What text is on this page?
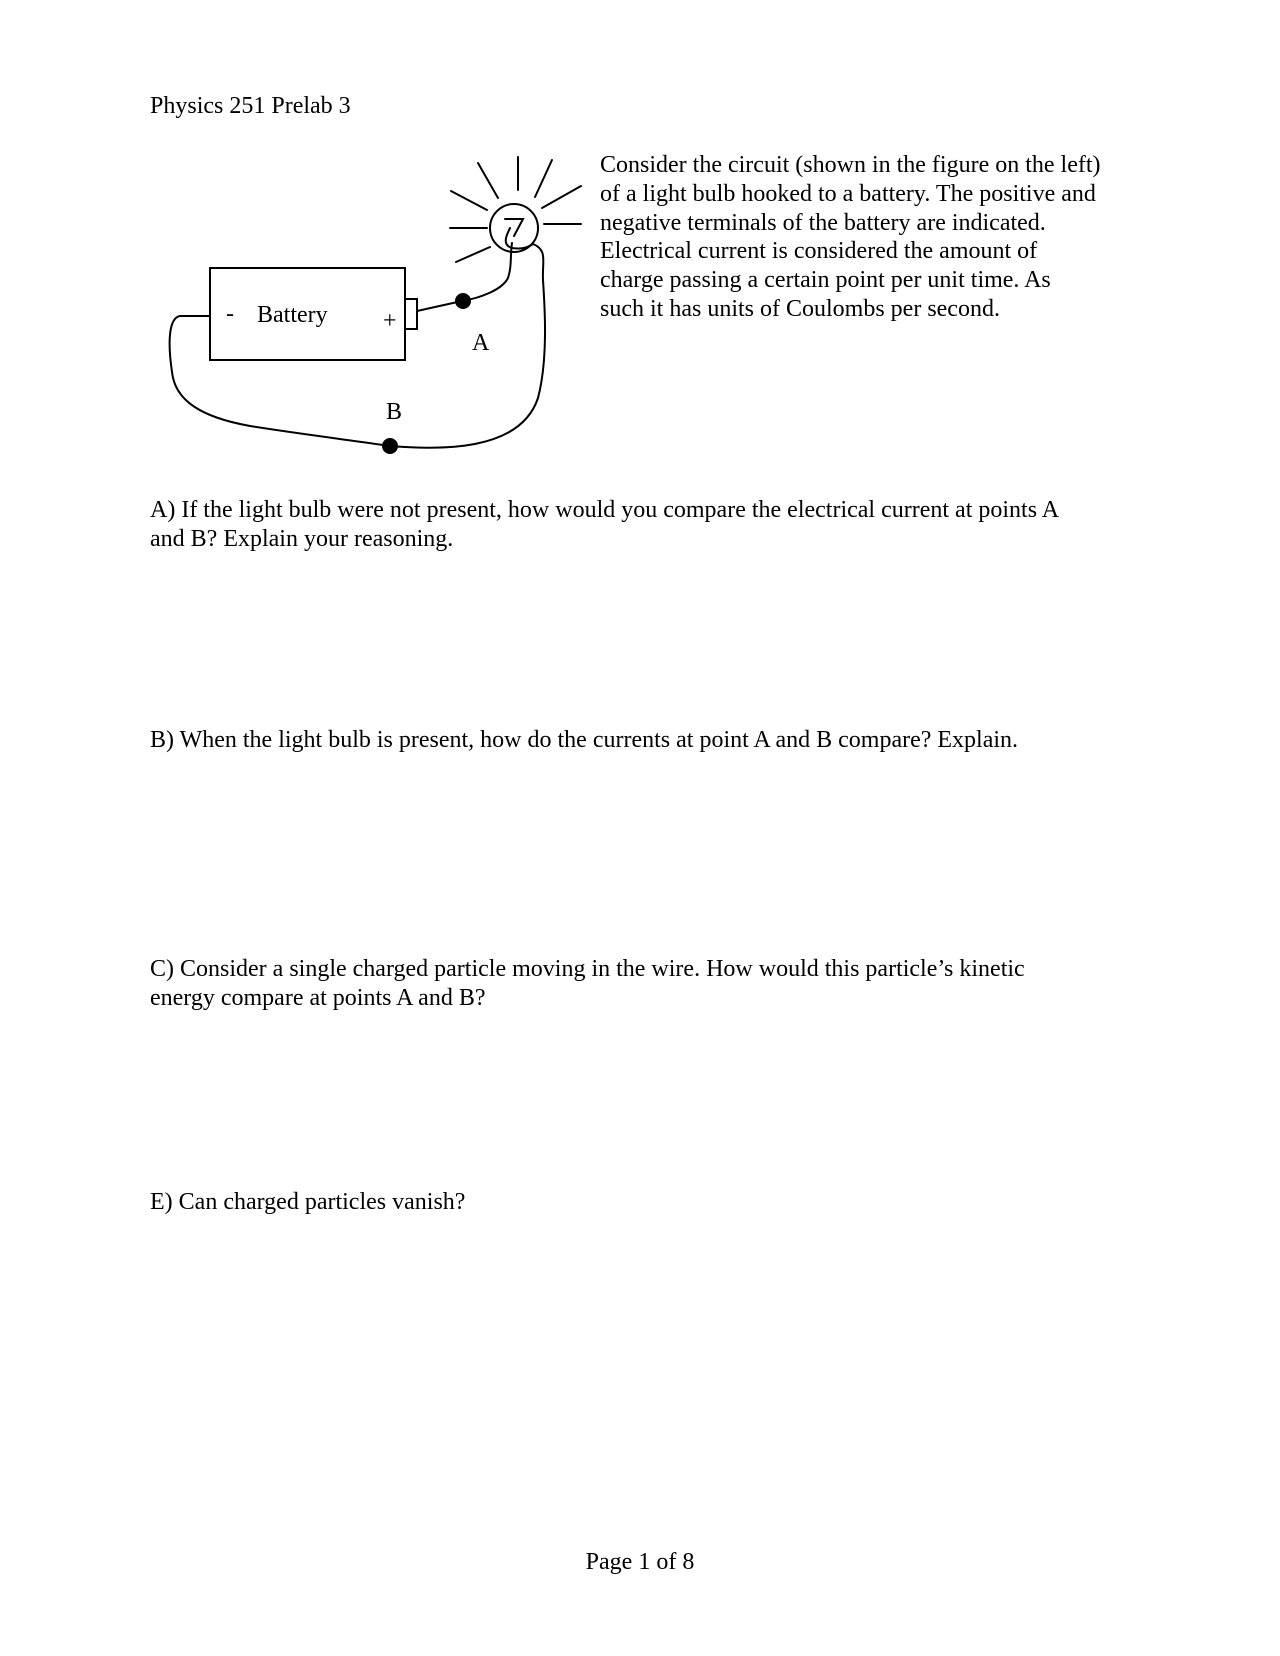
Physics 251 Prelab 3
Battery
-	+
A
B
Consider the circuit (shown in the figure on the left)
of a light bulb hooked to a battery. The positive and
negative terminals of the battery are indicated.
Electrical current is considered the amount of
charge passing a certain point per unit time. As
such it has units of Coulombs per second.
A) If the light bulb were not present, how would you compare the electrical current at points A
and B? Explain your reasoning.
B) When the light bulb is present, how do the currents at point A and B compare? Explain.
C) Consider a single charged particle moving in the wire. How would this particle’s kinetic
energy compare at points A and B?
E) Can charged particles vanish?
Page 1 of 8
